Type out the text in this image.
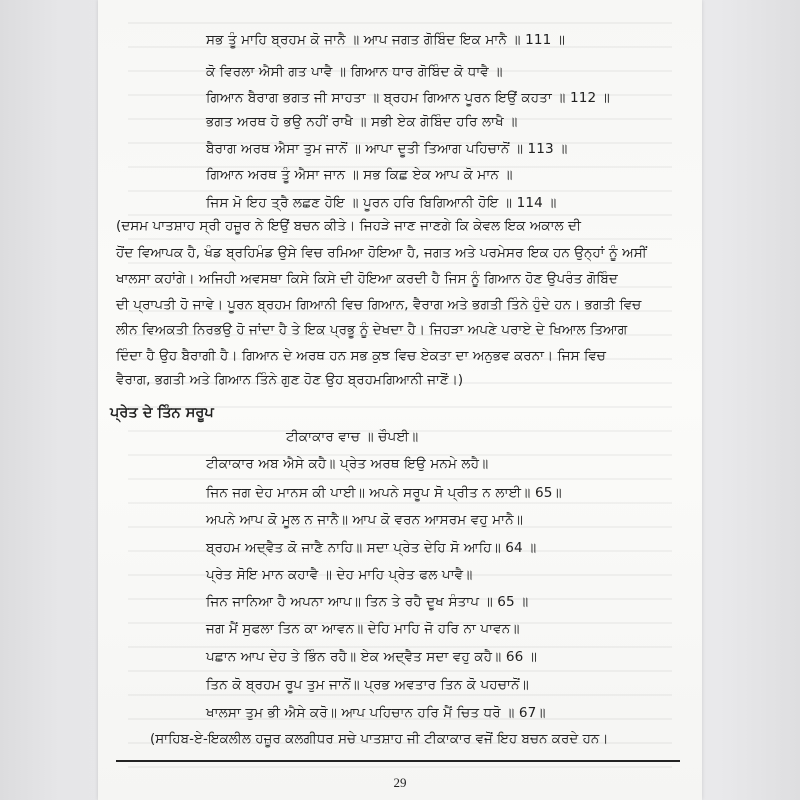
ਸਭ ਤੂੰ ਮਾਹਿ ਬ੍ਰਹਮ ਕੋ ਜਾਨੈ ॥ ਆਪ ਜਗਤ ਗੋਬਿੰਦ ਇਕ ਮਾਨੈ ॥ 111 ॥
ਕੋ ਵਿਰਲਾ ਐਸੀ ਗਤ ਪਾਵੈ ॥ ਗਿਆਨ ਧਾਰ ਗੋਬਿੰਦ ਕੋ ਧਾਵੈ ॥
ਗਿਆਨ ਬੈਰਾਗ ਭਗਤ ਜੀ ਸਾਹਤਾ ॥ ਬ੍ਰਹਮ ਗਿਆਨ ਪੂਰਨ ਇਉਂ ਕਹਤਾ ॥ 112 ॥
ਭਗਤ ਅਰਥ ਹੋ ਭਉ ਨਹੀਂ ਰਾਖੈ ॥ ਸਭੀ ਏਕ ਗੋਬਿੰਦ ਹਰਿ ਲਾਖੈ ॥
ਬੈਰਾਗ ਅਰਥ ਐਸਾ ਤੁਮ ਜਾਨੋਂ ॥ ਆਪਾ ਦੂਤੀ ਤਿਆਗ ਪਹਿਚਾਨੋਂ ॥ 113 ॥
ਗਿਆਨ ਅਰਥ ਤੂੰ ਐਸਾ ਜਾਨ ॥ ਸਭ ਕਿਛ ਏਕ ਆਪ ਕੋ ਮਾਨ ॥
ਜਿਸ ਮੋ ਇਹ ਤ੍ਰੈ ਲਛਣ ਹੋਇ ॥ ਪੂਰਨ ਹਰਿ ਬਿਗਿਆਨੀ ਹੋਇ ॥ 114 ॥
(ਦਸਮ ਪਾਤਸ਼ਾਹ ਸ੍ਰੀ ਹਜ਼ੂਰ ਨੇ ਇਉਂ ਬਚਨ ਕੀਤੇ। ਜਿਹੜੇ ਜਾਣ ਜਾਣਗੇ ਕਿ ਕੇਵਲ ਇਕ ਅਕਾਲ ਦੀ
ਹੋਂਦ ਵਿਆਪਕ ਹੈ, ਖੰਡ ਬ੍ਰਹਿਮੰਡ ਉਸੇ ਵਿਚ ਰਮਿਆ ਹੋਇਆ ਹੈ, ਜਗਤ ਅਤੇ ਪਰਮੇਸਰ ਇਕ ਹਨ ਉਨ੍ਹਾਂ ਨੂੰ ਅਸੀਂ
ਖਾਲਸਾ ਕਹਾਂਗੇ। ਅਜਿਹੀ ਅਵਸਥਾ ਕਿਸੇ ਕਿਸੇ ਦੀ ਹੋਇਆ ਕਰਦੀ ਹੈ ਜਿਸ ਨੂੰ ਗਿਆਨ ਹੋਣ ਉਪਰੰਤ ਗੋਬਿੰਦ
ਦੀ ਪ੍ਰਾਪਤੀ ਹੋ ਜਾਵੇ। ਪੂਰਨ ਬ੍ਰਹਮ ਗਿਆਨੀ ਵਿਚ ਗਿਆਨ, ਵੈਰਾਗ ਅਤੇ ਭਗਤੀ ਤਿੰਨੇ ਹੁੰਦੇ ਹਨ। ਭਗਤੀ ਵਿਚ
ਲੀਨ ਵਿਅਕਤੀ ਨਿਰਭਉ ਹੋ ਜਾਂਦਾ ਹੈ ਤੇ ਇਕ ਪ੍ਰਭੂ ਨੂੰ ਦੇਖਦਾ ਹੈ। ਜਿਹੜਾ ਅਪਣੇ ਪਰਾਏ ਦੇ ਖਿਆਲ ਤਿਆਗ
ਦਿੰਦਾ ਹੈ ਉਹ ਬੈਰਾਗੀ ਹੈ। ਗਿਆਨ ਦੇ ਅਰਥ ਹਨ ਸਭ ਕੁਝ ਵਿਚ ਏਕਤਾ ਦਾ ਅਨੁਭਵ ਕਰਨਾ। ਜਿਸ ਵਿਚ
ਵੈਰਾਗ, ਭਗਤੀ ਅਤੇ ਗਿਆਨ ਤਿੰਨੇ ਗੁਣ ਹੋਣ ਉਹ ਬ੍ਰਹਮਗਿਆਨੀ ਜਾਣੋਂ।)
ਪ੍ਰੇਤ ਦੇ ਤਿੰਨ ਸਰੂਪ
ਟੀਕਾਕਾਰ ਵਾਚ ॥ ਚੌਪਈ॥
ਟੀਕਾਕਾਰ ਅਬ ਐਸੇ ਕਹੈ॥ ਪ੍ਰੇਤ ਅਰਥ ਇਉ ਮਨਮੇ ਲਹੈ॥
ਜਿਨ ਜਗ ਦੇਹ ਮਾਨਸ ਕੀ ਪਾਈ॥ ਅਪਨੇ ਸਰੂਪ ਸੋ ਪ੍ਰੀਤ ਨ ਲਾਈ॥ 65॥
ਅਪਨੇ ਆਪ ਕੋ ਮੂਲ ਨ ਜਾਨੈ॥ ਆਪ ਕੋ ਵਰਨ ਆਸਰਮ ਵਹੁ ਮਾਨੈ॥
ਬ੍ਰਹਮ ਅਦ੍ਵੈਤ ਕੋ ਜਾਣੈ ਨਾਹਿ॥ ਸਦਾ ਪ੍ਰੇਤ ਦੇਹਿ ਸੋ ਆਹਿ॥ 64 ॥
ਪ੍ਰੇਤ ਸੋਇ ਮਾਨ ਕਹਾਵੈ ॥ ਦੇਹ ਮਾਹਿ ਪ੍ਰੇਤ ਫਲ ਪਾਵੈ॥
ਜਿਨ ਜਾਨਿਆ ਹੈ ਅਪਨਾ ਆਪ॥ ਤਿਨ ਤੇ ਰਹੈ ਦੂਖ ਸੰਤਾਪ ॥ 65 ॥
ਜਗ ਮੈਂ ਸੁਫਲਾ ਤਿਨ ਕਾ ਆਵਨ॥ ਦੇਹਿ ਮਾਹਿ ਜੋ ਹਰਿ ਨਾ ਪਾਵਨ॥
ਪਛਾਨ ਆਪ ਦੇਹ ਤੇ ਭਿੰਨ ਰਹੈ॥ ਏਕ ਅਦ੍ਵੈਤ ਸਦਾ ਵਹੁ ਕਹੈ॥ 66 ॥
ਤਿਨ ਕੋ ਬ੍ਰਹਮ ਰੂਪ ਤੁਮ ਜਾਨੋਂ॥ ਪ੍ਰਭ ਅਵਤਾਰ ਤਿਨ ਕੋ ਪਹਚਾਨੋਂ॥
ਖਾਲਸਾ ਤੁਮ ਭੀ ਐਸੇ ਕਰੋ॥ ਆਪ ਪਹਿਚਾਨ ਹਰਿ ਮੈਂ ਚਿਤ ਧਰੋ ॥ 67॥
(ਸਾਹਿਬ-ਏ-ਇਕਲੀਲ ਹਜ਼ੂਰ ਕਲਗੀਧਰ ਸਚੇ ਪਾਤਸ਼ਾਹ ਜੀ ਟੀਕਾਕਾਰ ਵਜੋਂ ਇਹ ਬਚਨ ਕਰਦੇ ਹਨ।
29
